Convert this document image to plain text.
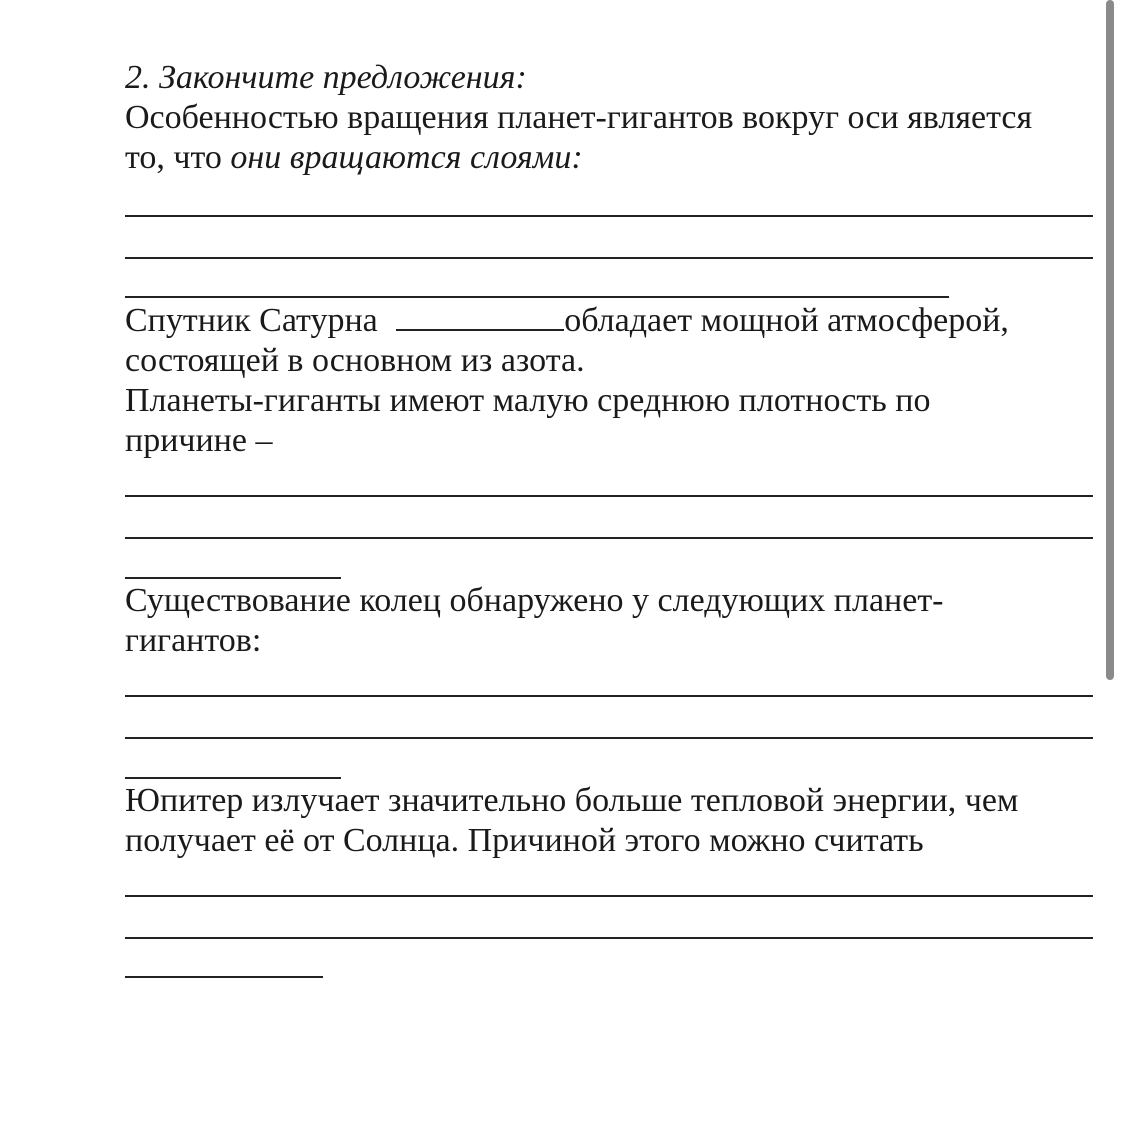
2. Закончите предложения:
Особенностью вращения планет-гигантов вокруг оси является
то, что они вращаются слоями:
Спутник Сатурна	обладает мощной атмосферой,
состоящей в основном из азота.
Планеты-гиганты имеют малую среднюю плотность по
причине –
Существование колец обнаружено у следующих планет-
гигантов:
Юпитер излучает значительно больше тепловой энергии, чем
получает её от Солнца. Причиной этого можно считать
